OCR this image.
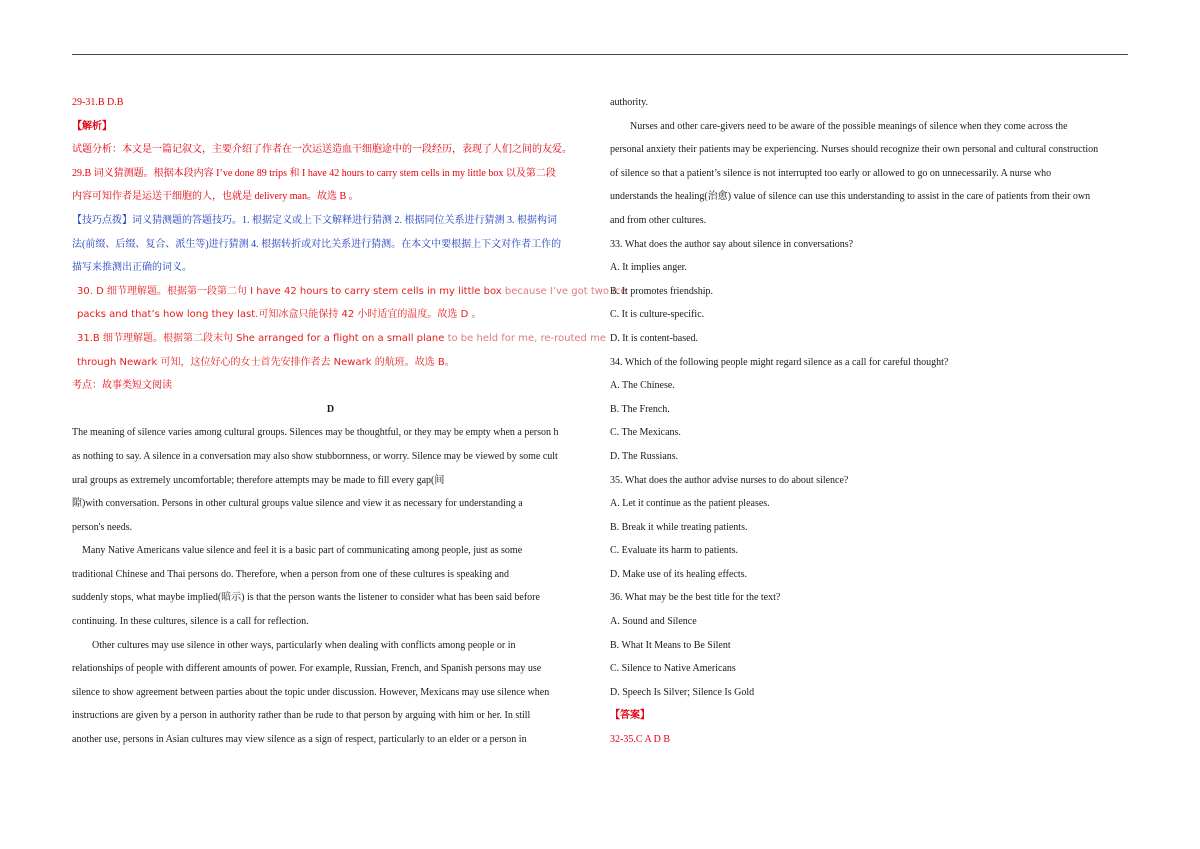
29-31.B D.B
【解析】
试题分析：本文是一篇记叙文，主要介绍了作者在一次运送造血干细胞途中的一段经历，表现了人们之间的友爱。
29.B 词义猜测题。根据本段内容 I’ve done 89 trips 和 I have 42 hours to carry stem cells in my little box 以及第二段
内容可知作者是运送干细胞的人，也就是 delivery man。故选 B 。
【技巧点拨】词义猜测题的答题技巧。1. 根据定义或上下文解释进行猜测 2. 根据同位关系进行猜测 3. 根据构词
法(前缀、后缀、复合、派生等)进行猜测 4. 根据转折或对比关系进行猜测。在本文中要根据上下文对作者工作的
描写来推测出正确的词义。
30. D 细节理解题。根据第一段第二句 I have 42 hours to carry stem cells in my little box because I’ve got two ice
packs and that’s how long they last.可知冰盒只能保持 42 小时适宜的温度。故选 D 。
31.B 细节理解题。根据第二段末句 She arranged for a flight on a small plane to be held for me, re-routed me
through Newark 可知，这位好心的女士首先安排作者去 Newark 的航班。故选 B。
考点：故事类短文阅读
D
The meaning of silence varies among cultural groups. Silences may be thoughtful, or they may be empty when a person h
as nothing to say. A silence in a conversation may also show stubbornness, or worry. Silence may be viewed by some cult
ural groups as extremely uncomfortable; therefore attempts may be made to fill every gap(间
隙)with conversation. Persons in other cultural groups value silence and view it as necessary for understanding a
person's needs.
Many Native Americans value silence and feel it is a basic part of communicating among people, just as some
traditional Chinese and Thai persons do. Therefore, when a person from one of these cultures is speaking and
suddenly stops, what maybe implied(暗示) is that the person wants the listener to consider what has been said before
continuing. In these cultures, silence is a call for reflection.
Other cultures may use silence in other ways, particularly when dealing with conflicts among people or in
relationships of people with different amounts of power. For example, Russian, French, and Spanish persons may use
silence to show agreement between parties about the topic under discussion. However, Mexicans may use silence when
instructions are given by a person in authority rather than be rude to that person by arguing with him or her. In still
another use, persons in Asian cultures may view silence as a sign of respect, particularly to an elder or a person in
authority.
Nurses and other care-givers need to be aware of the possible meanings of silence when they come across the
personal anxiety their patients may be experiencing. Nurses should recognize their own personal and cultural construction
of silence so that a patient’s silence is not interrupted too early or allowed to go on unnecessarily. A nurse who
understands the healing(治愈) value of silence can use this understanding to assist in the care of patients from their own
and from other cultures.
33. What does the author say about silence in conversations?
A. It implies anger.
B. It promotes friendship.
C. It is culture-specific.
D. It is content-based.
34. Which of the following people might regard silence as a call for careful thought?
A. The Chinese.
B. The French.
C. The Mexicans.
D. The Russians.
35. What does the author advise nurses to do about silence?
A. Let it continue as the patient pleases.
B. Break it while treating patients.
C. Evaluate its harm to patients.
D. Make use of its healing effects.
36. What may be the best title for the text?
A. Sound and Silence
B. What It Means to Be Silent
C. Silence to Native Americans
D. Speech Is Silver; Silence Is Gold
【答案】
32-35.C A D B
